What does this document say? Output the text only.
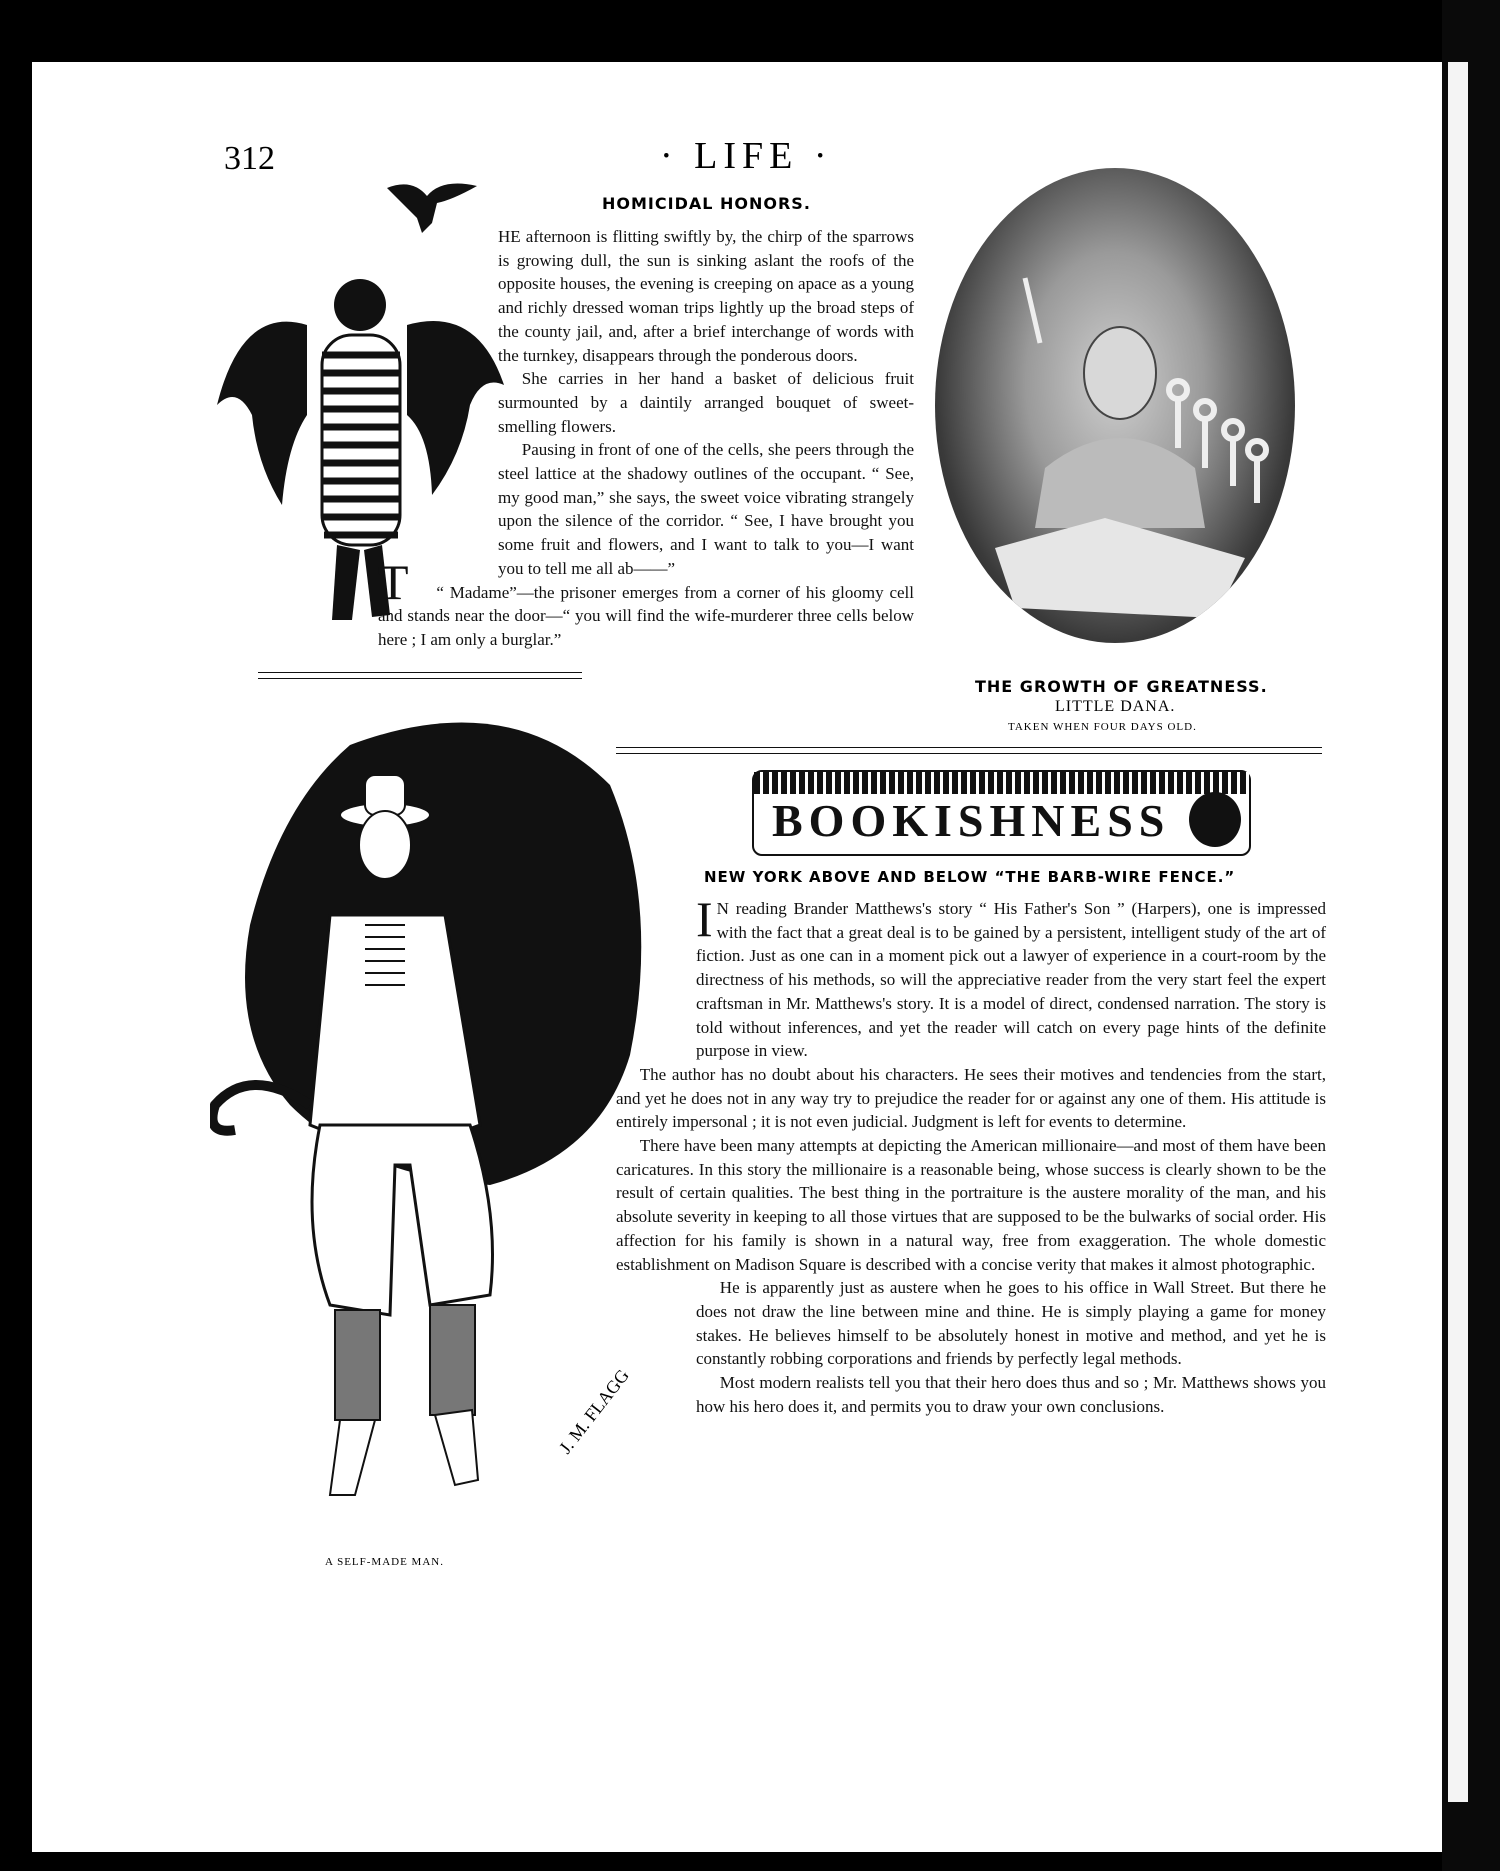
312	· LIFE ·
HOMICIDAL HONORS.

T
HE afternoon is flitting swiftly by, the chirp of the sparrows is growing dull, the sun is sinking aslant the roofs of the opposite houses, the evening is creeping on apace as a young and richly dressed woman trips lightly up the broad steps of the county jail, and, after a brief interchange of words with the turnkey, disappears through the ponderous doors.

She carries in her hand a basket of delicious fruit surmounted by a daintily arranged bouquet of sweet-smelling flowers.

Pausing in front of one of the cells, she peers through the steel lattice at the shadowy outlines of the occupant. “ See, my good man,” she says, the sweet voice vibrating strangely upon the silence of the corridor. “ See, I have brought you some fruit and flowers, and I want to talk to you—I want you to tell me all ab——”

“ Madame”—the prisoner emerges from a corner of his gloomy cell and stands near the door—“ you will find the wife-murderer three cells below here ; I am only a burglar.”

THE GROWTH OF GREATNESS.
LITTLE DANA.
TAKEN WHEN FOUR DAYS OLD.
J. M. FLAGG
A SELF-MADE MAN.
BOOKISHNESS
NEW YORK ABOVE AND BELOW “THE BARB-WIRE FENCE.”

I N reading Brander Matthews's story “ His Father's Son ” (Harpers), one is impressed with the fact that a great deal is to be gained by a persistent, intelligent study of the art of fiction. Just as one can in a moment pick out a lawyer of experience in a court-room by the directness of his methods, so will the appreciative reader from the very start feel the expert craftsman in Mr. Matthews's story. It is a model of direct, condensed narration. The story is told without inferences, and yet the reader will catch on every page hints of the definite purpose in view.

The author has no doubt about his characters. He sees their motives and tendencies from the start, and yet he does not in any way try to prejudice the reader for or against any one of them. His attitude is entirely impersonal ; it is not even judicial. Judgment is left for events to determine.

There have been many attempts at depicting the American millionaire—and most of them have been caricatures. In this story the millionaire is a reasonable being, whose success is clearly shown to be the result of certain qualities. The best thing in the portraiture is the austere morality of the man, and his absolute severity in keeping to all those virtues that are supposed to be the bulwarks of social order. His affection for his family is shown in a natural way, free from exaggeration. The whole domestic establishment on Madison Square is described with a concise verity that makes it almost photographic.

He is apparently just as austere when he goes to his office in Wall Street. But there he does not draw the line between mine and thine. He is simply playing a game for money stakes. He believes himself to be absolutely honest in motive and method, and yet he is constantly robbing corporations and friends by perfectly legal methods.

Most modern realists tell you that their hero does thus and so ; Mr. Matthews shows you how his hero does it, and permits you to draw your own conclusions.

comicbooks.com
